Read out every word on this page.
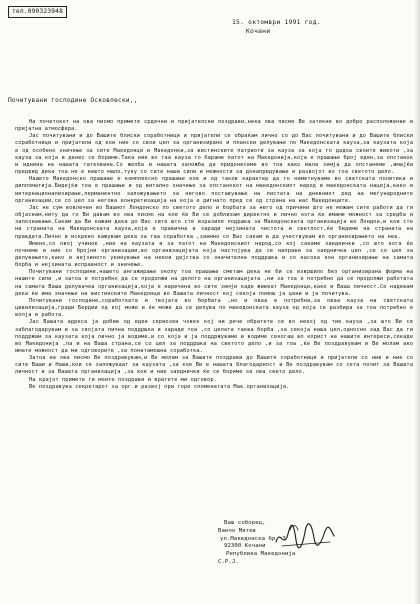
тел.090323948
15. октомври 1991 год.
Кочани
Почитувани господине Осковлески,,

На почетокот на ова писмо примете срдечни и пријателски поздрави,нека ова писмо Ве затекне во добро расположение и пријатна атмосфера.

Јас почитувани и до Вашите блиски соработници и пријатели се обраќам лично со до Вас почитувани и до Вашите блиски соработници и пријатели од кои ние со свои цел за организирано и плански делување по Македонската кауза,за каузата која е од особено значење за сите Македонци и Македонки,за вистинските патриоти за кауза за која го дадоа своите животи ,за кауза за која и денес се бориме.Така ние во таа кауза го бараме патот на Македонија,која е прашање број еден,за опстанок и иднина на нашата татковина.Со желба и нашата заложба да придонесеме во тоа како мала земја да опстанеме ,имајќи предвид дека тоа не е нешто мало,туку со сите наши сили и можности за донапредување и развојот во тоа светото дело.

Нашето Македонско прашање е комплексно прашање кое и од таков карактер да го наметнуваме во светската политика и дипломатија.Бидејќи тоа е прашање и од витално значење за опстанокот на македонскиот народ и македонската нација,како и интернационализирање,перманентно заложувањето за негово поставување на листата на дневниот ред на меѓународните организации,се со цел за негова конкретизација на која е дигнато пред се од страна на нас Македонците.

Јас не сум вовлечен во Вашиот Лондонско по светото дело и борбата за него од причини што не можам сите работи да ги објаснам,ниту да го Ви давам во ова писмо на кое ќе Ви се доблизам директно и лично кога ќе имаме можност за средба и запознавање.Сакам да Ви кажам дека до Вас сите што сте изразиле подршка за Македонската организација во Лондон,и кои сте на страната на Македонската кауза,која е правична и заради нејзината чистота и светлост,ќе бидеме на страната на правдата.Лично и искрено кажувам дека за таа соработка ,заемно со Вас сакам и да учествувам во организирањето на неа.

Имено,со овој учинок ,ние на каузата и за патот на Македонскиот народ,со кој сакаме заеднички ,со што кога ќе почнеме и ние со бројни организации,во организацијата која настојува да се направи за заедничка цел ,се со цел за делувањето,како и нејзиното укинување на некои дејства со значителна поддршка и со насока кон организирање на самата борба и нејзината исправност и значење.

Почитувани господине,нашето ангажирање околу тоа прашање сметам дека не би се извршило без организирана форма на нашите сили ,и затоа е потребно да се продолжи на делото на организацијата ,ни за тоа е потребно да се продолжи работата на самата Ваша делувачка организација,која е наречена во сите земји каде живеат Македонци,како и Ваша личност.Се надевам дека ќе има значење на вистинските Македонци во Вашата личност кој секоја помош ја цени и ја почитува.

Почитувани господине,соработката и твојата во борбата ,но и оваа е потребна,за оваа кауза на светската цивилизација,гради Бердии од кој може и ќе може да се делува по македонската кауза од која се разбира за тоа потребно е волја и работа.

Јас Вашата адреса ја добив од еден сериозен човек кој ни рече обратете се во некој од тие кауза ,за што Ви се заблагодарувам и за својата лична поддршка и заради тоа ,со целата таква борба ,за секоја наша цел,односно зад Вас да ги поддржам за каузата која лично ја водиме,и со која и ја поддржуваме и водиме секогаш во корист на нашите интереси,секаде во Македонија ,па и на Ваша страна,се со цел за поддршка на светото дело ,и за тоа ,ќе Ве поздравувам и Ве молам ако имате можност да ми одговорите ,за понатамошна соработка.

Затоа на ова писмо Ве поздравувам,и Ве молам за Вашите поздрави до Вашите соработници и пријатели со нив и ние со сите Ваши и Наши,кои се заложуваат за каузата ,за кое Ви е нашата благодарност и Ве поздравувам со сета почит за Вашата личност и за Вашата организација ,за кое и ние заеднички ќе се бориме за ова свето дело.

На крајот примете ги моите поздрави и вратете ми одговор.

Ве поздравува секретарот за орг.и развој при горе споменатата Мак.организација.

Ваш соборец,
Ванчо Митев
ул.Македонска бр. 3
92300 Кочани
Република Македонија
С.Р.Ј.
